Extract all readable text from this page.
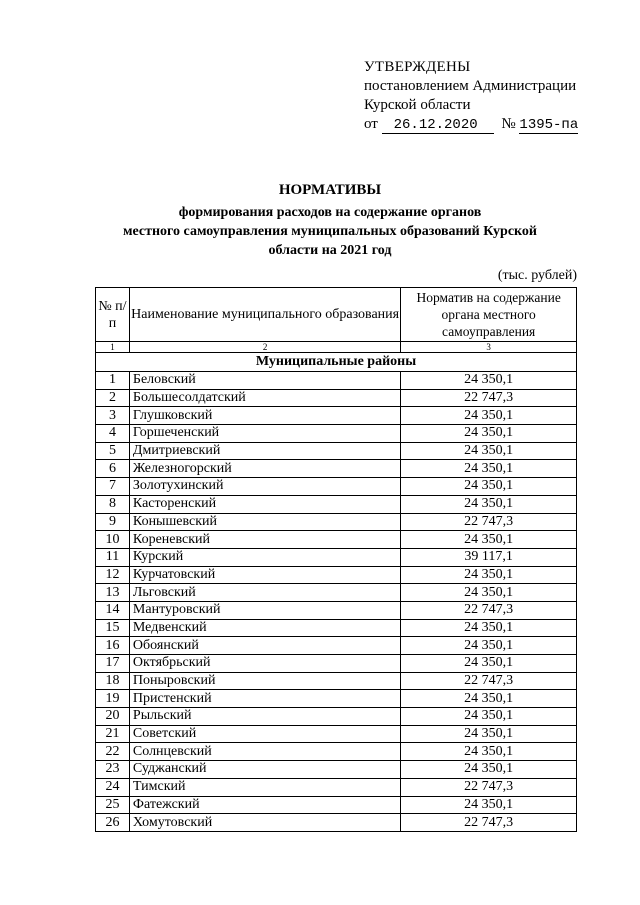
УТВЕРЖДЕНЫ
постановлением Администрации
Курской области
от 26.12.2020 № 1395-па
НОРМАТИВЫ
формирования расходов на содержание органов
местного самоуправления муниципальных образований Курской
области на 2021 год
(тыс. рублей)
№ п/п	Наименование муниципального образования	Норматив на содержание органа местного самоуправления
1	2	3
Муниципальные районы		
1	Беловский	24 350,1
2	Большесолдатский	22 747,3
3	Глушковский	24 350,1
4	Горшеченский	24 350,1
5	Дмитриевский	24 350,1
6	Железногорский	24 350,1
7	Золотухинский	24 350,1
8	Касторенский	24 350,1
9	Конышевский	22 747,3
10	Кореневский	24 350,1
11	Курский	39 117,1
12	Курчатовский	24 350,1
13	Льговский	24 350,1
14	Мантуровский	22 747,3
15	Медвенский	24 350,1
16	Обоянский	24 350,1
17	Октябрьский	24 350,1
18	Поныровский	22 747,3
19	Пристенский	24 350,1
20	Рыльский	24 350,1
21	Советский	24 350,1
22	Солнцевский	24 350,1
23	Суджанский	24 350,1
24	Тимский	22 747,3
25	Фатежский	24 350,1
26	Хомутовский	22 747,3
